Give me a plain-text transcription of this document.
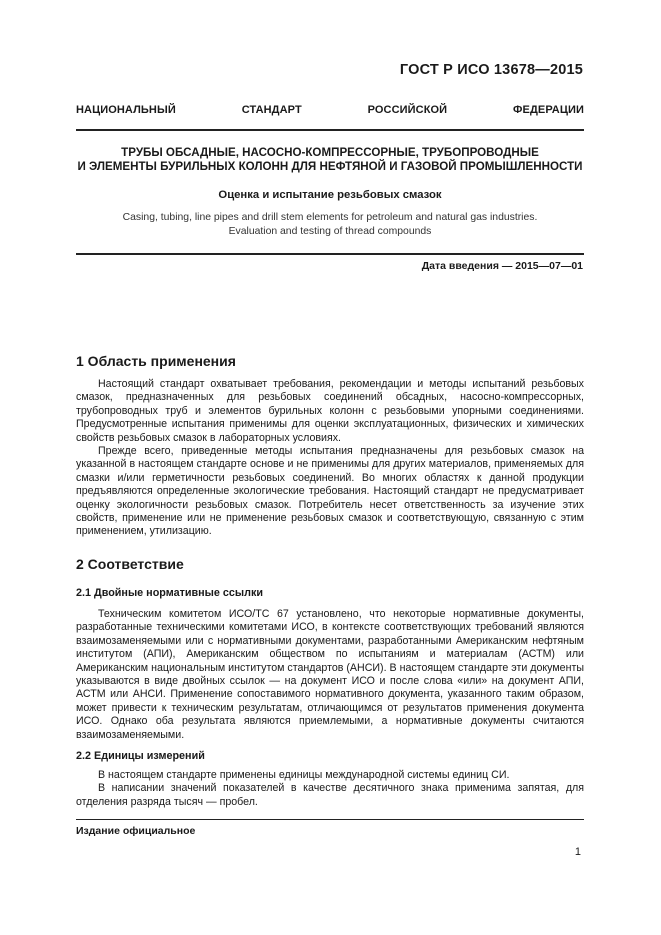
ГОСТ Р ИСО 13678—2015
НАЦИОНАЛЬНЫЙ СТАНДАРТ РОССИЙСКОЙ ФЕДЕРАЦИИ
ТРУБЫ ОБСАДНЫЕ, НАСОСНО-КОМПРЕССОРНЫЕ, ТРУБОПРОВОДНЫЕ
И ЭЛЕМЕНТЫ БУРИЛЬНЫХ КОЛОНН ДЛЯ НЕФТЯНОЙ И ГАЗОВОЙ ПРОМЫШЛЕННОСТИ
Оценка и испытание резьбовых смазок
Casing, tubing, line pipes and drill stem elements for petroleum and natural gas industries.
Evaluation and testing of thread compounds
Дата введения — 2015—07—01
1 Область применения

Настоящий стандарт охватывает требования, рекомендации и методы испытаний резьбовых смазок, предназначенных для резьбовых соединений обсадных, насосно-компрессорных, трубопроводных труб и элементов бурильных колонн с резьбовыми упорными соединениями. Предусмотренные испытания применимы для оценки эксплуатационных, физических и химических свойств резьбовых смазок в лабораторных условиях.

Прежде всего, приведенные методы испытания предназначены для резьбовых смазок на указанной в настоящем стандарте основе и не применимы для других материалов, применяемых для смазки и/или герметичности резьбовых соединений. Во многих областях к данной продукции предъявляются определенные экологические требования. Настоящий стандарт не предусматривает оценку экологичности резьбовых смазок. Потребитель несет ответственность за изучение этих свойств, применение или не применение резьбовых смазок и соответствующую, связанную с этим применением, утилизацию.

2 Соответствие
2.1 Двойные нормативные ссылки

Техническим комитетом ИСО/ТС 67 установлено, что некоторые нормативные документы, разработанные техническими комитетами ИСО, в контексте соответствующих требований являются взаимозаменяемыми или с нормативными документами, разработанными Американским нефтяным институтом (АПИ), Американским обществом по испытаниям и материалам (АСТМ) или Американским национальным институтом стандартов (АНСИ). В настоящем стандарте эти документы указываются в виде двойных ссылок — на документ ИСО и после слова «или» на документ АПИ, АСТМ или АНСИ. Применение сопоставимого нормативного документа, указанного таким образом, может привести к техническим результатам, отличающимся от результатов применения документа ИСО. Однако оба результата являются приемлемыми, а нормативные документы считаются взаимозаменяемыми.

2.2 Единицы измерений

В настоящем стандарте применены единицы международной системы единиц СИ.

В написании значений показателей в качестве десятичного знака применима запятая, для отделения разряда тысяч — пробел.

Издание официальное
1
